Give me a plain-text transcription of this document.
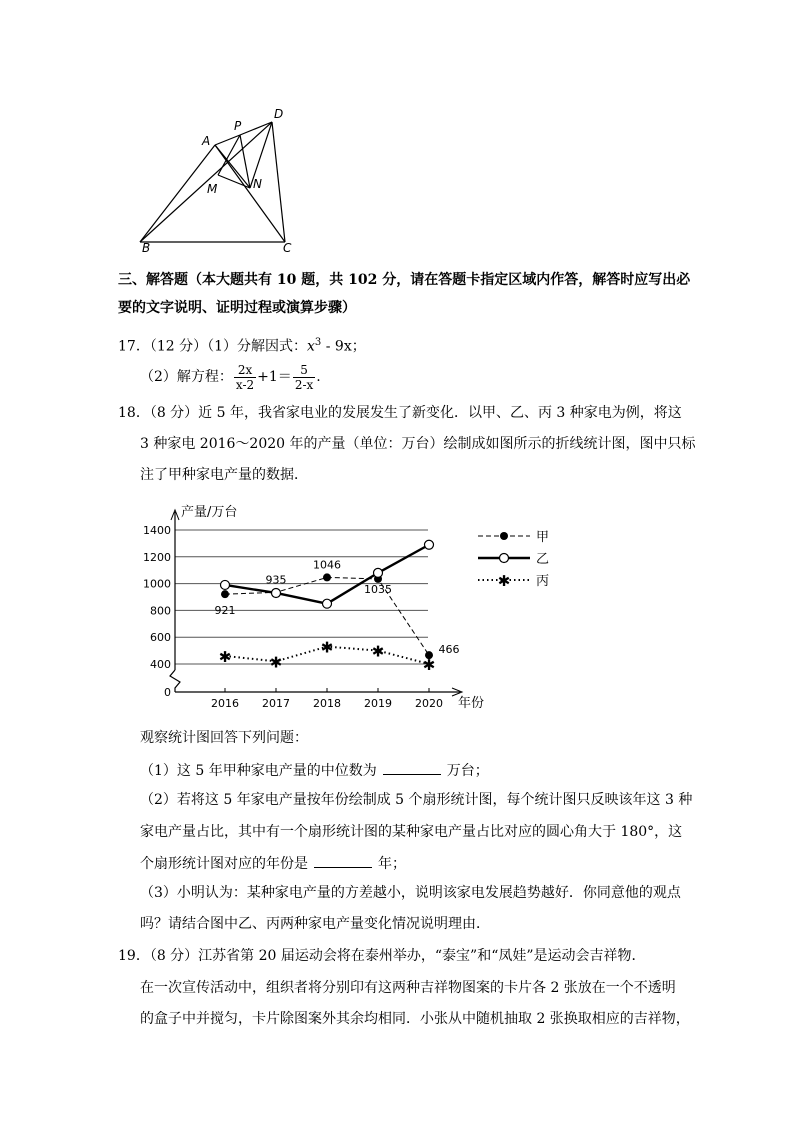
A
P
D
M	N
B	C
三、解答题（本大题共有 10 题，共 102 分，请在答题卡指定区域内作答，解答时应写出必
要的文字说明、证明过程或演算步骤）
17．（12 分）（1）分解因式：$x^3 - 9x$；
（2）解方程： $\frac{2x}{x-2} +1= \frac{5}{2-x}$ .
18．（8 分）近 5 年，我省家电业的发展发生了新变化．以甲、乙、丙 3 种家电为例，将这
3 种家电 2016～2020 年的产量（单位：万台）绘制成如图所示的折线统计图，图中只标
注了甲种家电产量的数据．
产量/万台
年份
1400
1200
1000
800
600
400
0
2016 2017 2018 2019 2020
✱	✱
✱	✱
✱
921
935
1046
1035
466
✱
甲
乙
丙
观察统计图回答下列问题：
（1）这 5 年甲种家电产量的中位数为	万台；
（2）若将这 5 年家电产量按年份绘制成 5 个扇形统计图，每个统计图只反映该年这 3 种
家电产量占比，其中有一个扇形统计图的某种家电产量占比对应的圆心角大于 180°，这
个扇形统计图对应的年份是	年；
（3）小明认为：某种家电产量的方差越小，说明该家电发展趋势越好．你同意他的观点
吗？请结合图中乙、丙两种家电产量变化情况说明理由．
19．（8 分）江苏省第 20 届运动会将在泰州举办，“泰宝”和“凤娃”是运动会吉祥物．
在一次宣传活动中，组织者将分别印有这两种吉祥物图案的卡片各 2 张放在一个不透明
的盒子中并搅匀，卡片除图案外其余均相同．小张从中随机抽取 2 张换取相应的吉祥物，
